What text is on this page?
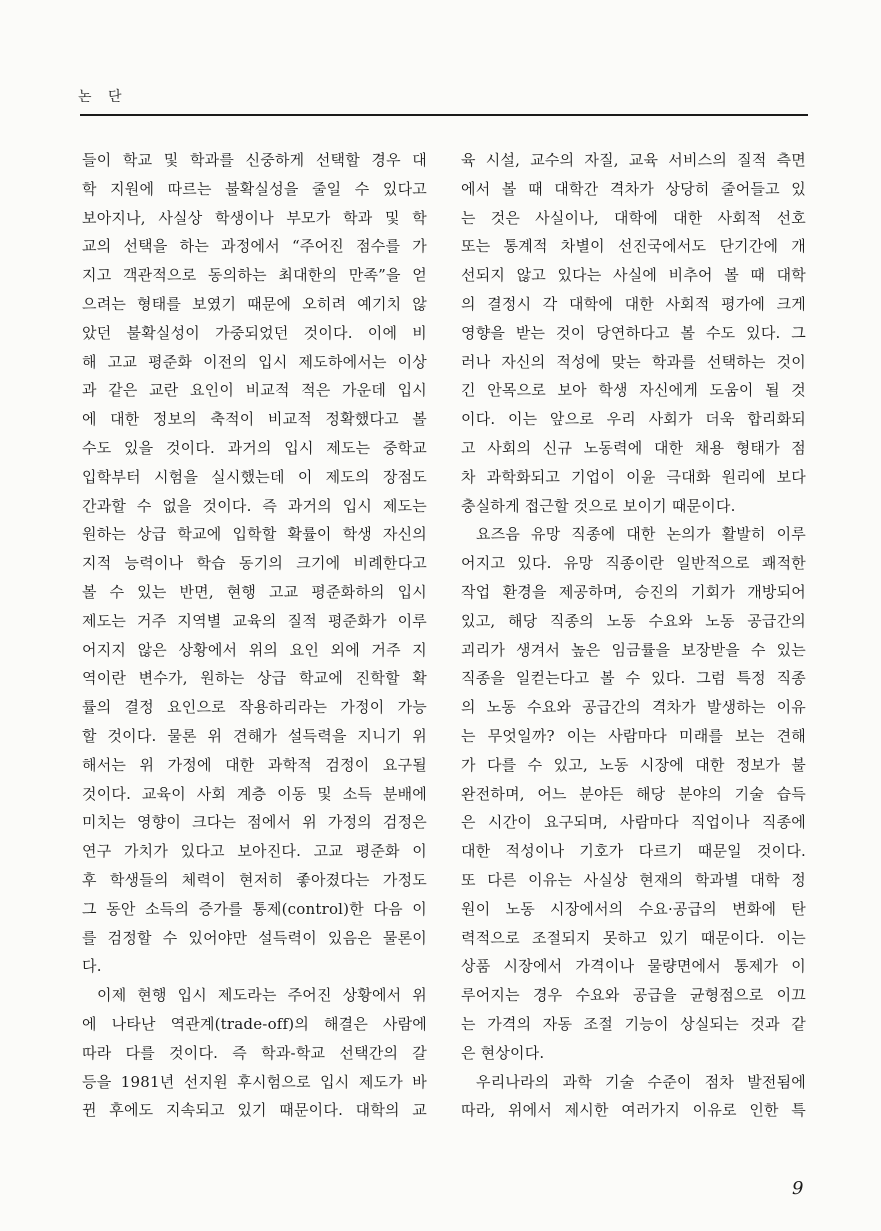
논 단
들이 학교 및 학과를 신중하게 선택할 경우 대
학 지원에 따르는 불확실성을 줄일 수 있다고
보아지나, 사실상 학생이나 부모가 학과 및 학
교의 선택을 하는 과정에서 “주어진 점수를 가
지고 객관적으로 동의하는 최대한의 만족”을 얻
으려는 형태를 보였기 때문에 오히려 예기치 않
았던 불확실성이 가중되었던 것이다. 이에 비
해 고교 평준화 이전의 입시 제도하에서는 이상
과 같은 교란 요인이 비교적 적은 가운데 입시
에 대한 정보의 축적이 비교적 정확했다고 볼
수도 있을 것이다. 과거의 입시 제도는 중학교
입학부터 시험을 실시했는데 이 제도의 장점도
간과할 수 없을 것이다. 즉 과거의 입시 제도는
원하는 상급 학교에 입학할 확률이 학생 자신의
지적 능력이나 학습 동기의 크기에 비례한다고
볼 수 있는 반면, 현행 고교 평준화하의 입시
제도는 거주 지역별 교육의 질적 평준화가 이루
어지지 않은 상황에서 위의 요인 외에 거주 지
역이란 변수가, 원하는 상급 학교에 진학할 확
률의 결정 요인으로 작용하리라는 가정이 가능
할 것이다. 물론 위 견해가 설득력을 지니기 위
해서는 위 가정에 대한 과학적 검정이 요구될
것이다. 교육이 사회 계층 이동 및 소득 분배에
미치는 영향이 크다는 점에서 위 가정의 검정은
연구 가치가 있다고 보아진다. 고교 평준화 이
후 학생들의 체력이 현저히 좋아졌다는 가정도
그 동안 소득의 증가를 통제(control)한 다음 이
를 검정할 수 있어야만 설득력이 있음은 물론이
다.
이제 현행 입시 제도라는 주어진 상황에서 위
에 나타난 역관계(trade-off)의 해결은 사람에
따라 다를 것이다. 즉 학과-학교 선택간의 갈
등을 1981년 선지원 후시험으로 입시 제도가 바
뀐 후에도 지속되고 있기 때문이다. 대학의 교
육 시설, 교수의 자질, 교육 서비스의 질적 측면
에서 볼 때 대학간 격차가 상당히 줄어들고 있
는 것은 사실이나, 대학에 대한 사회적 선호
또는 통계적 차별이 선진국에서도 단기간에 개
선되지 않고 있다는 사실에 비추어 볼 때 대학
의 결정시 각 대학에 대한 사회적 평가에 크게
영향을 받는 것이 당연하다고 볼 수도 있다. 그
러나 자신의 적성에 맞는 학과를 선택하는 것이
긴 안목으로 보아 학생 자신에게 도움이 될 것
이다. 이는 앞으로 우리 사회가 더욱 합리화되
고 사회의 신규 노동력에 대한 채용 형태가 점
차 과학화되고 기업이 이윤 극대화 원리에 보다
충실하게 접근할 것으로 보이기 때문이다.
요즈음 유망 직종에 대한 논의가 활발히 이루
어지고 있다. 유망 직종이란 일반적으로 쾌적한
작업 환경을 제공하며, 승진의 기회가 개방되어
있고, 해당 직종의 노동 수요와 노동 공급간의
괴리가 생겨서 높은 임금률을 보장받을 수 있는
직종을 일컫는다고 볼 수 있다. 그럼 특정 직종
의 노동 수요와 공급간의 격차가 발생하는 이유
는 무엇일까? 이는 사람마다 미래를 보는 견해
가 다를 수 있고, 노동 시장에 대한 정보가 불
완전하며, 어느 분야든 해당 분야의 기술 습득
은 시간이 요구되며, 사람마다 직업이나 직종에
대한 적성이나 기호가 다르기 때문일 것이다.
또 다른 이유는 사실상 현재의 학과별 대학 정
원이 노동 시장에서의 수요·공급의 변화에 탄
력적으로 조절되지 못하고 있기 때문이다. 이는
상품 시장에서 가격이나 물량면에서 통제가 이
루어지는 경우 수요와 공급을 균형점으로 이끄
는 가격의 자동 조절 기능이 상실되는 것과 같
은 현상이다.
우리나라의 과학 기술 수준이 점차 발전됨에
따라, 위에서 제시한 여러가지 이유로 인한 특
9
